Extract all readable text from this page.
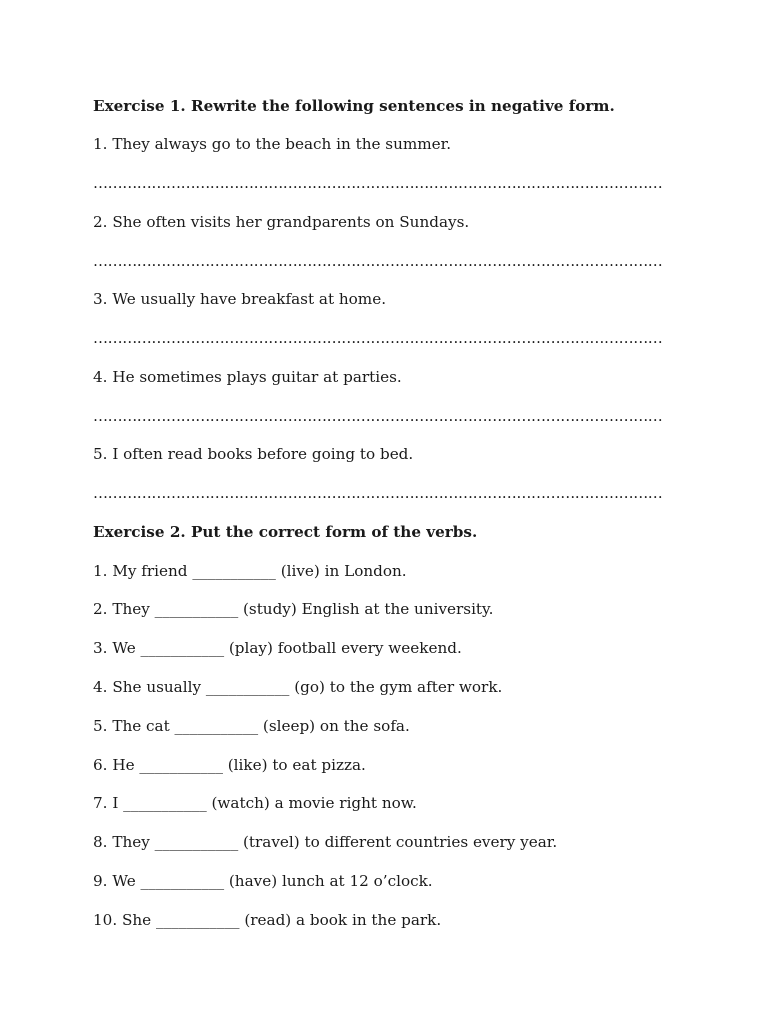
Exercise 1. Rewrite the following sentences in negative form.
1. They always go to the beach in the summer.
………………………………………………………………………………………………………
2. She often visits her grandparents on Sundays.
………………………………………………………………………………………………………
3. We usually have breakfast at home.
………………………………………………………………………………………………………
4. He sometimes plays guitar at parties.
………………………………………………………………………………………………………
5. I often read books before going to bed.
………………………………………………………………………………………………………
Exercise 2. Put the correct form of the verbs.
1. My friend ___________ (live) in London.
2. They ___________ (study) English at the university.
3. We ___________ (play) football every weekend.
4. She usually ___________ (go) to the gym after work.
5. The cat ___________ (sleep) on the sofa.
6. He ___________ (like) to eat pizza.
7. I ___________ (watch) a movie right now.
8. They ___________ (travel) to different countries every year.
9. We ___________ (have) lunch at 12 o’clock.
10. She ___________ (read) a book in the park.
